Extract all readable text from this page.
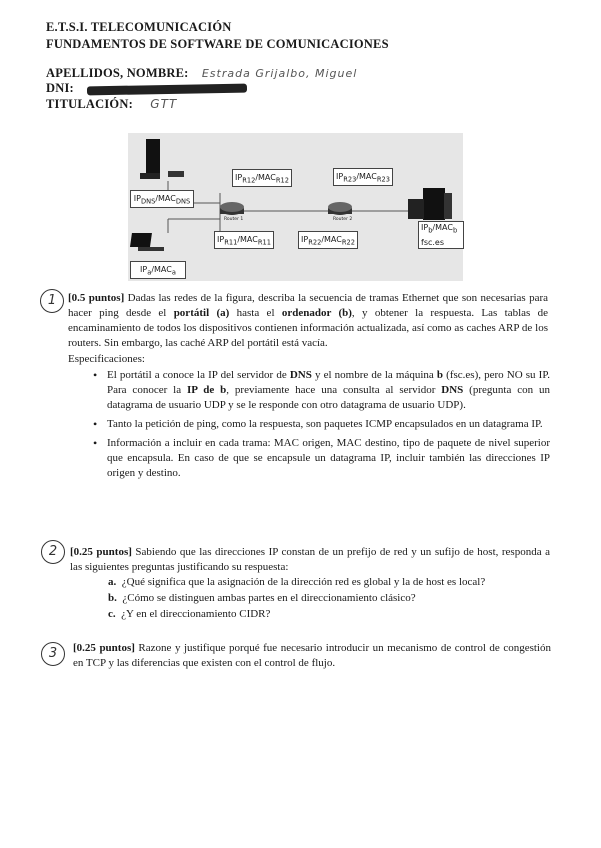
E.T.S.I. TELECOMUNICACIÓN
FUNDAMENTOS DE SOFTWARE DE COMUNICACIONES
APELLIDOS, NOMBRE: Estrada Grijalbo, Miguel
DNI:
TITULACIÓN: GTT
$IP_{DNS}/MAC_{DNS}$
$IP_a/MAC_a$
$IP_{R12}/MAC_{R12}$
$IP_{R11}/MAC_{R11}$	$IP_{R22}/MAC_{R22}$
$IP_{R23}/MAC_{R23}$
$IP_b/MAC_b$
fsc.es
Router 1	Router 2
1	[0.5 puntos] Dadas las redes de la figura, describa la secuencia de tramas Ethernet que son necesarias para hacer ping desde el portátil (a) hasta el ordenador (b), y obtener la respuesta. Las tablas de encaminamiento de todos los dispositivos contienen información actualizada, así como as caches ARP de los routers. Sin embargo, las caché ARP del portátil está vacía.
Especificaciones:
• El portátil a conoce la IP del servidor de DNS y el nombre de la máquina b (fsc.es), pero NO su IP. Para conocer la IP de b, previamente hace una consulta al servidor DNS (pregunta con un datagrama de usuario UDP y se le responde con otro datagrama de usuario UDP).
• Tanto la petición de ping, como la respuesta, son paquetes ICMP encapsulados en un datagrama IP.
• Información a incluir en cada trama: MAC origen, MAC destino, tipo de paquete de nivel superior que encapsula. En caso de que se encapsule un datagrama IP, incluir también las direcciones IP origen y destino.
2	[0.25 puntos] Sabiendo que las direcciones IP constan de un prefijo de red y un sufijo de host, responda a las siguientes preguntas justificando su respuesta:
a. ¿Qué significa que la asignación de la dirección red es global y la de host es local?
b. ¿Cómo se distinguen ambas partes en el direccionamiento clásico?
c. ¿Y en el direccionamiento CIDR?
3	[0.25 puntos] Razone y justifique porqué fue necesario introducir un mecanismo de control de congestión en TCP y las diferencias que existen con el control de flujo.
